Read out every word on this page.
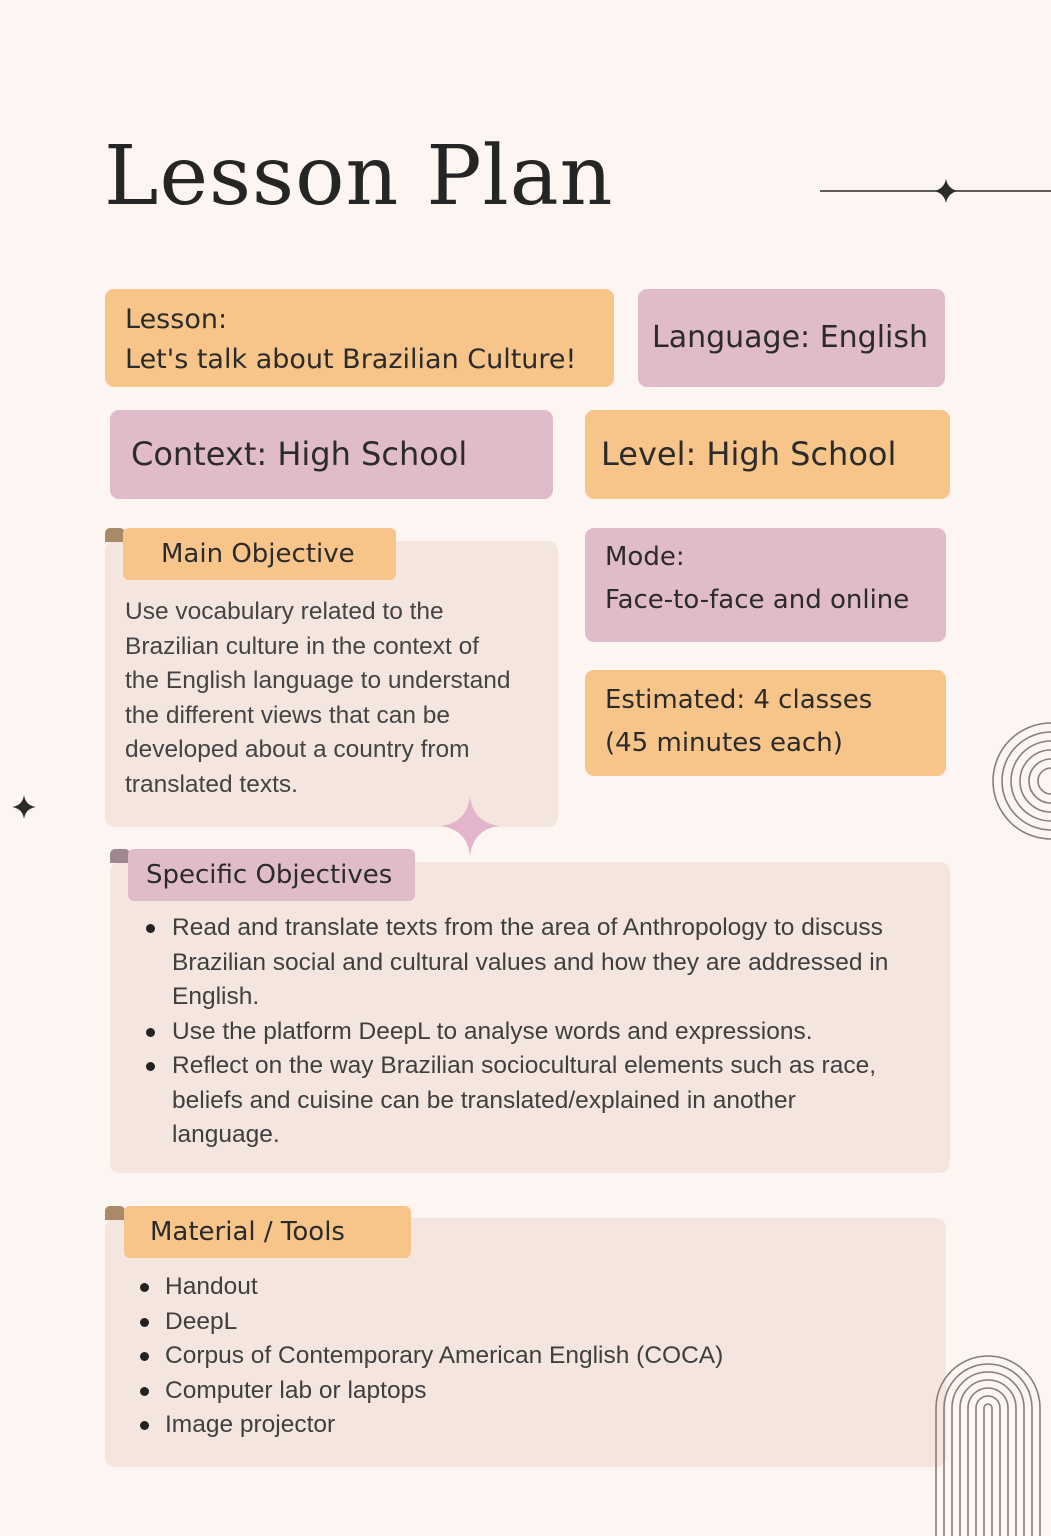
Lesson Plan
Lesson:
Let's talk about Brazilian Culture!
Language: English
Context: High School	Level: High School
Main Objective
Use vocabulary related to the
Brazilian culture in the context of
the English language to understand
the different views that can be
developed about a country from
translated texts.
Mode:
Face-to-face and online
Estimated: 4 classes
(45 minutes each)
Specific Objectives
Read and translate texts from the area of Anthropology to discuss
Brazilian social and cultural values and how they are addressed in
English.
Use the platform DeepL to analyse words and expressions.
Reflect on the way Brazilian sociocultural elements such as race,
beliefs and cuisine can be translated/explained in another
language.
Material / Tools
Handout
DeepL
Corpus of Contemporary American English (COCA)
Computer lab or laptops
Image projector
